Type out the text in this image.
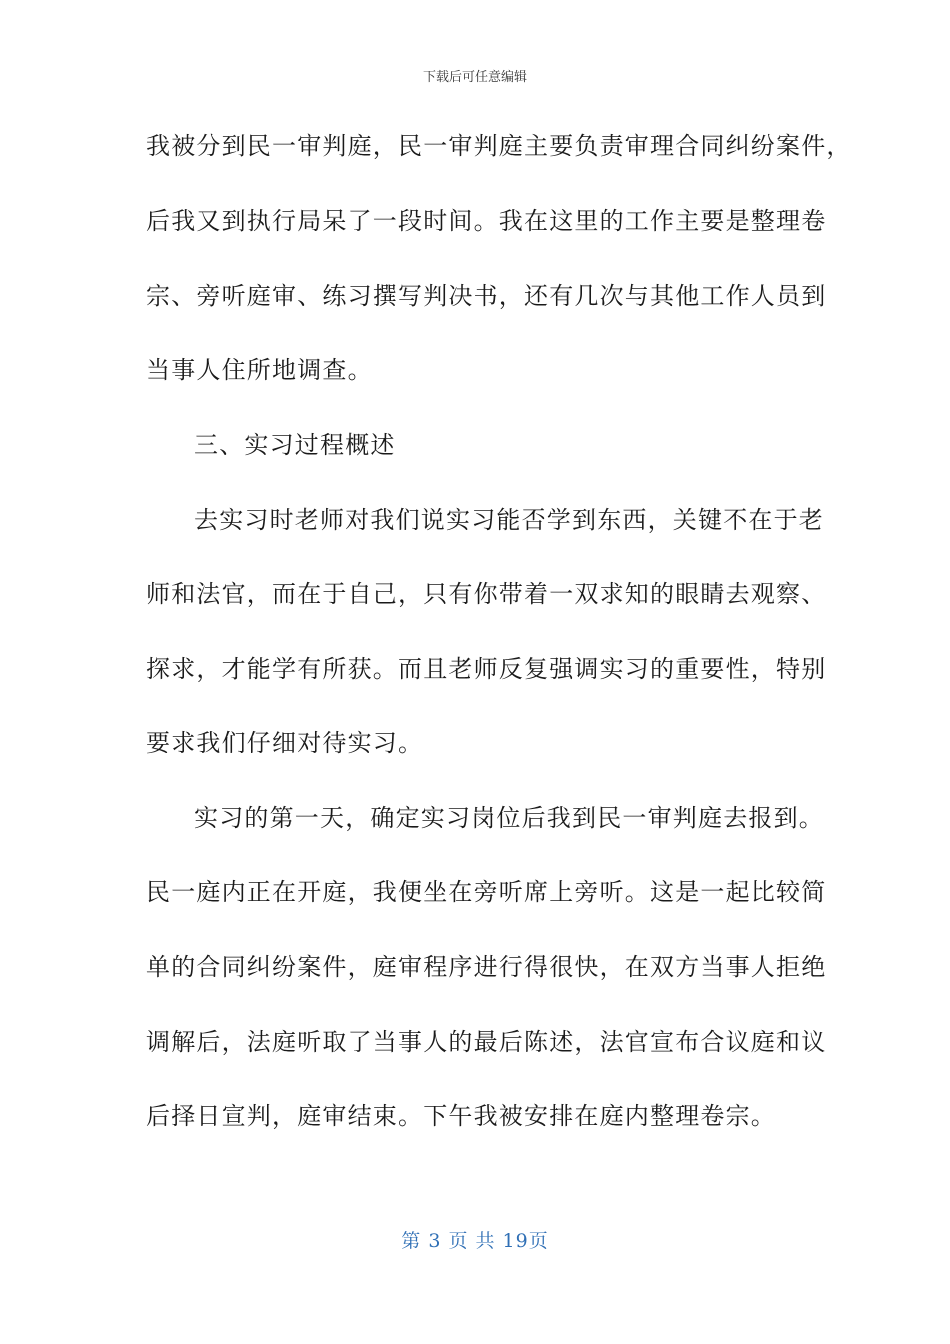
下载后可任意编辑
我被分到民一审判庭，民一审判庭主要负责审理合同纠纷案件，
后我又到执行局呆了一段时间。我在这里的工作主要是整理卷
宗、旁听庭审、练习撰写判决书，还有几次与其他工作人员到
当事人住所地调查。
三、实习过程概述
去实习时老师对我们说实习能否学到东西，关键不在于老
师和法官，而在于自己，只有你带着一双求知的眼睛去观察、
探求，才能学有所获。而且老师反复强调实习的重要性，特别
要求我们仔细对待实习。
实习的第一天，确定实习岗位后我到民一审判庭去报到。
民一庭内正在开庭，我便坐在旁听席上旁听。这是一起比较简
单的合同纠纷案件，庭审程序进行得很快，在双方当事人拒绝
调解后，法庭听取了当事人的最后陈述，法官宣布合议庭和议
后择日宣判，庭审结束。下午我被安排在庭内整理卷宗。
第 3 页 共 19页
